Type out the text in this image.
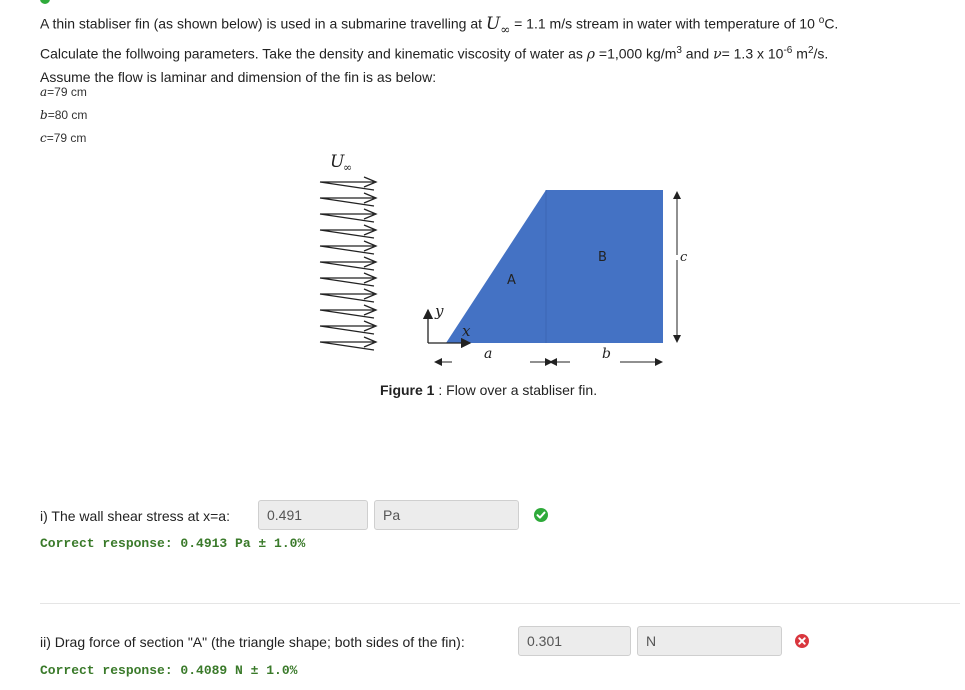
A thin stabliser fin (as shown below) is used in a submarine travelling at $U_\infty = 1.1$ m/s stream in water with temperature of 10 $^o$C.

Calculate the follwoing parameters. Take the density and kinematic viscosity of water as ρ =1,000 $kg/m^3$ and ν= 1.3 x $10^{-6}$ $m^2/s$.

Assume the flow is laminar and dimension of the fin is as below:

a=79 cm
b=80 cm
c=79 cm
U
∞
A
B
y
x
a	b
c
Figure 1 : Flow over a stabliser fin.
i) The wall shear stress at x=a:	0.491	Pa
Correct response: 0.4913 Pa ± 1.0%
ii) Drag force of section "A" (the triangle shape; both sides of the fin):	0.301	N
Correct response: 0.4089 N ± 1.0%
